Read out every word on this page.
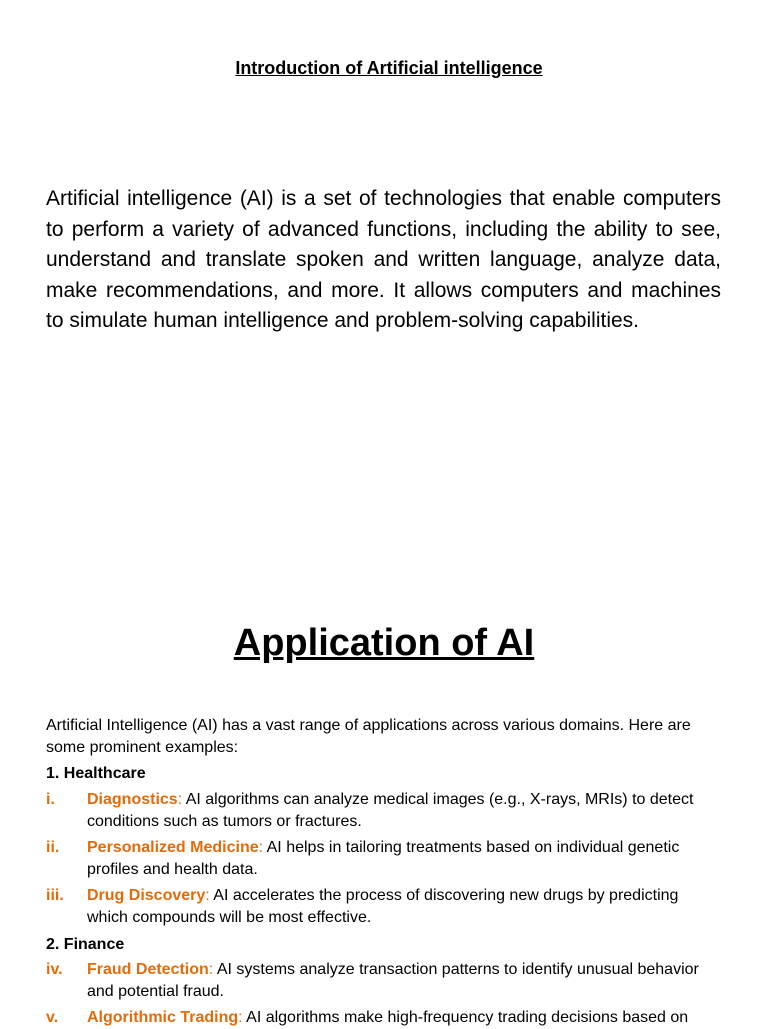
Introduction of Artificial intelligence

Artificial intelligence (AI) is a set of technologies that enable computers to perform a variety of advanced functions, including the ability to see, understand and translate spoken and written language, analyze data, make recommendations, and more. It allows computers and machines to simulate human intelligence and problem-solving capabilities.

Application of AI

Artificial Intelligence (AI) has a vast range of applications across various domains. Here are some prominent examples:

1. Healthcare
i. Diagnostics: AI algorithms can analyze medical images (e.g., X-rays, MRIs) to detect conditions such as tumors or fractures.
ii. Personalized Medicine: AI helps in tailoring treatments based on individual genetic profiles and health data.
iii. Drug Discovery: AI accelerates the process of discovering new drugs by predicting which compounds will be most effective.
2. Finance
iv. Fraud Detection: AI systems analyze transaction patterns to identify unusual behavior and potential fraud.
v. Algorithmic Trading: AI algorithms make high-frequency trading decisions based on
